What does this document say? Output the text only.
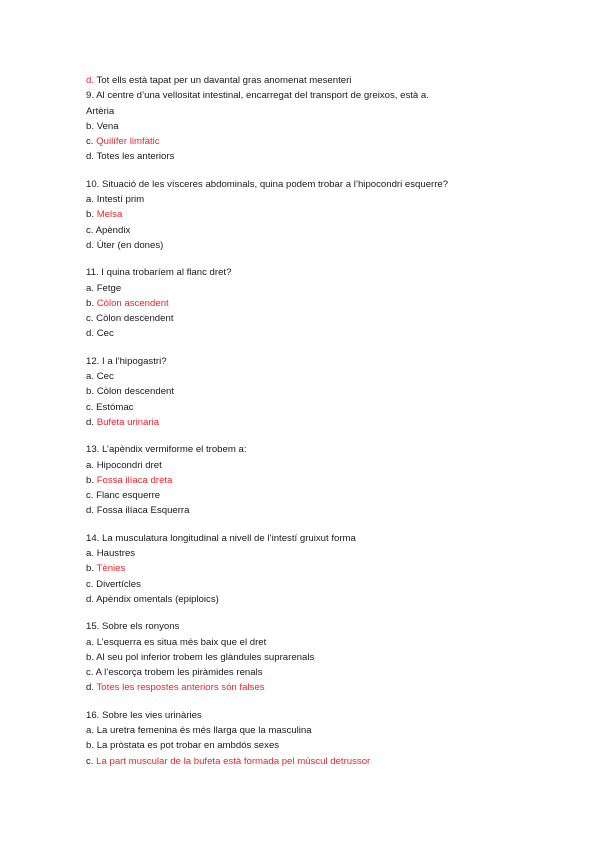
d. Tot ells està tapat per un davantal gras anomenat mesenteri
9. Al centre d’una vellositat intestinal, encarregat del transport de greixos, està a.
Artèria
b. Vena
c. Quilífer limfàtic
d. Totes les anteriors
10. Situació de les vísceres abdominals, quina podem trobar a l’hipocondri esquerre?
a. Intestí prim
b. Melsa
c. Apèndix
d. Úter (en dones)
11. I quina trobaríem al flanc dret?
a. Fetge
b. Còlon ascendent
c. Còlon descendent
d. Cec
12. I a l’hipogastri?
a. Cec
b. Còlon descendent
c. Estómac
d. Bufeta urinaria
13. L’apèndix vermiforme el trobem a:
a. Hipocondri dret
b. Fossa ilíaca dreta
c. Flanc esquerre
d. Fossa ilíaca Esquerra
14. La musculatura longitudinal a nivell de l’intestí gruixut forma
a. Haustres
b. Tènies
c. Divertícles
d. Apèndix omentals (epiploics)
15. Sobre els ronyons
a. L’esquerra es situa més baix que el dret
b. Al seu pol inferior trobem les glàndules suprarenals
c. A l’escorça trobem les piràmides renals
d. Totes les respostes anteriors són falses
16. Sobre les vies urinàries
a. La uretra femenina és més llarga que la masculina
b. La pròstata es pot trobar en ambdós sexes
c. La part muscular de la bufeta està formada pel múscul detrussor
